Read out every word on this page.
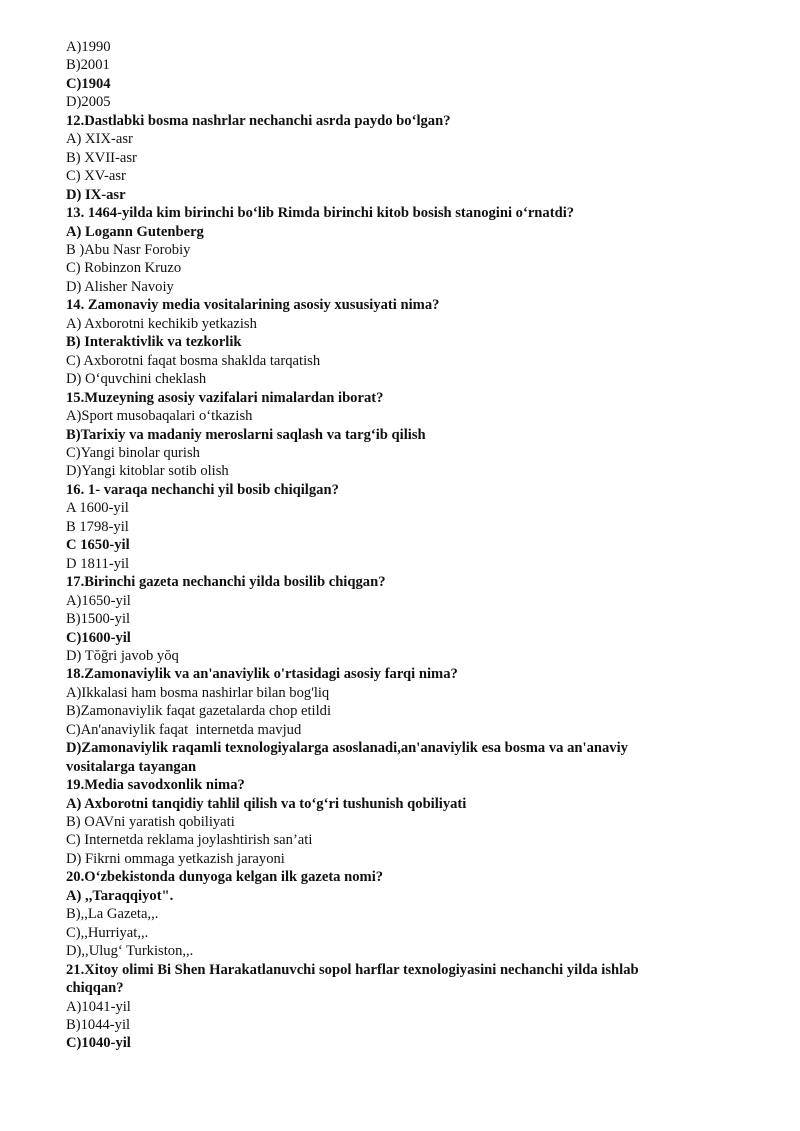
A)1990

B)2001

C)1904

D)2005

12.Dastlabki bosma nashrlar nechanchi asrda paydo bo‘lgan?

A) XIX-asr

B) XVII-asr

C) XV-asr

D) IX-asr

13. 1464-yilda kim birinchi bo‘lib Rimda birinchi kitob bosish stanogini o‘rnatdi?

A) Logann Gutenberg

B )Abu Nasr Forobiy

C) Robinzon Kruzo

D) Alisher Navoiy

14. Zamonaviy media vositalarining asosiy xususiyati nima?

A) Axborotni kechikib yetkazish

B) Interaktivlik va tezkorlik

C) Axborotni faqat bosma shaklda tarqatish

D) O‘quvchini cheklash

15.Muzeyning asosiy vazifalari nimalardan iborat?

A)Sport musobaqalari o‘tkazish

B)Tarixiy va madaniy meroslarni saqlash va targ‘ib qilish

C)Yangi binolar qurish

D)Yangi kitoblar sotib olish

16. 1- varaqa nechanchi yil bosib chiqilgan?

A 1600-yil

B 1798-yil

C 1650-yil

D 1811-yil

17.Birinchi gazeta nechanchi yilda bosilib chiqgan?

A)1650-yil

B)1500-yil

C)1600-yil

D) Tŏğri javob yŏq

18.Zamonaviylik va an'anaviylik o'rtasidagi asosiy farqi nima?

A)Ikkalasi ham bosma nashirlar bilan bog'liq

B)Zamonaviylik faqat gazetalarda chop etildi

C)An'anaviylik faqat  internetda mavjud

D)Zamonaviylik raqamli texnologiyalarga asoslanadi,an'anaviylik esa bosma va an'anaviy

vositalarga tayangan

19.Media savodxonlik nima?

A) Axborotni tanqidiy tahlil qilish va to‘g‘ri tushunish qobiliyati

B) OAVni yaratish qobiliyati

C) Internetda reklama joylashtirish san’ati

D) Fikrni ommaga yetkazish jarayoni

20.O‘zbekistonda dunyoga kelgan ilk gazeta nomi?

A) ,,Taraqqiyot".

B),,La Gazeta,,.

C),,Hurriyat,,.

D),,Ulug‘ Turkiston,,.

21.Xitoy olimi Bi Shen Harakatlanuvchi sopol harflar texnologiyasini nechanchi yilda ishlab

chiqqan?

A)1041-yil

B)1044-yil

C)1040-yil
